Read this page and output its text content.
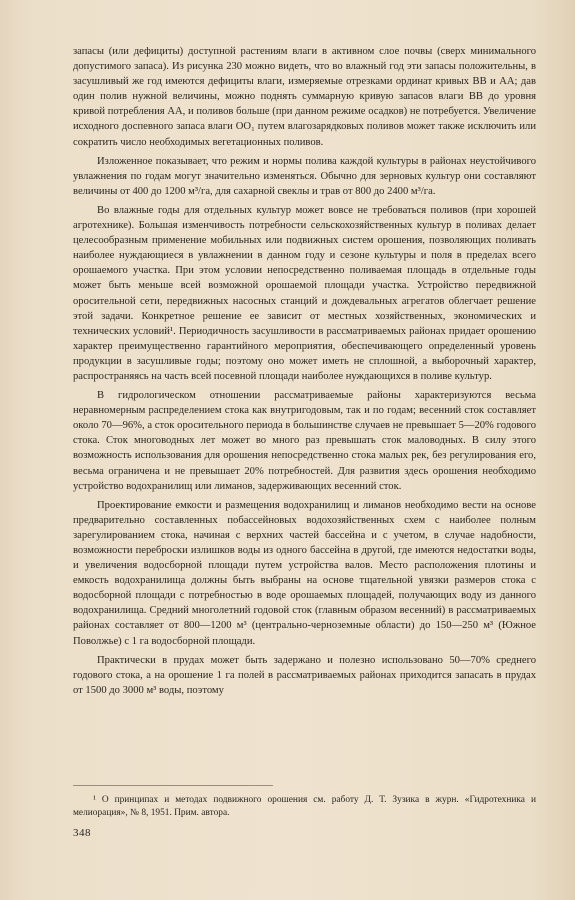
запасы (или дефициты) доступной растениям влаги в активном слое почвы (сверх минимального допустимого запаса). Из рисунка 230 можно видеть, что во влажный год эти запасы положительны, в засушливый же год имеются дефициты влаги, измеряемые отрезками ординат кривых BB и AA; дав один полив нужной величины, можно поднять суммарную кривую запасов влаги BB до уровня кривой потребления AA, и поливов больше (при данном режиме осадков) не потребуется. Увеличение исходного доспевного запаса влаги OO₁ путем влагозарядковых поливов может также исключить или сократить число необходимых вегетационных поливов.

Изложенное показывает, что режим и нормы полива каждой культуры в районах неустойчивого увлажнения по годам могут значительно изменяться. Обычно для зерновых культур они составляют величины от 400 до 1200 м³/га, для сахарной свеклы и трав от 800 до 2400 м³/га.

Во влажные годы для отдельных культур может вовсе не требоваться поливов (при хорошей агротехнике). Большая изменчивость потребности сельскохозяйственных культур в поливах делает целесообразным применение мобильных или подвижных систем орошения, позволяющих поливать наиболее нуждающиеся в увлажнении в данном году и сезоне культуры и поля в пределах всего орошаемого участка. При этом условии непосредственно поливаемая площадь в отдельные годы может быть меньше всей возможной орошаемой площади участка. Устройство передвижной оросительной сети, передвижных насосных станций и дождевальных агрегатов облегчает решение этой задачи. Конкретное решение ее зависит от местных хозяйственных, экономических и технических условий¹. Периодичность засушливости в рассматриваемых районах придает орошению характер преимущественно гарантийного мероприятия, обеспечивающего определенный уровень продукции в засушливые годы; поэтому оно может иметь не сплошной, а выборочный характер, распространяясь на часть всей посевной площади наиболее нуждающихся в поливе культур.

В гидрологическом отношении рассматриваемые районы характеризуются весьма неравномерным распределением стока как внутригодовым, так и по годам; весенний сток составляет около 70—96%, а сток оросительного периода в большинстве случаев не превышает 5—20% годового стока. Сток многоводных лет может во много раз превышать сток маловодных. В силу этого возможность использования для орошения непосредственно стока малых рек, без регулирования его, весьма ограничена и не превышает 20% потребностей. Для развития здесь орошения необходимо устройство водохранилищ или лиманов, задерживающих весенний сток.

Проектирование емкости и размещения водохранилищ и лиманов необходимо вести на основе предварительно составленных побассейновых водохозяйственных схем с наиболее полным зарегулированием стока, начиная с верхних частей бассейна и с учетом, в случае надобности, возможности переброски излишков воды из одного бассейна в другой, где имеются недостатки воды, и увеличения водосборной площади путем устройства валов. Место расположения плотины и емкость водохранилища должны быть выбраны на основе тщательной увязки размеров стока с водосборной площади с потребностью в воде орошаемых площадей, получающих воду из данного водохранилища. Средний многолетний годовой сток (главным образом весенний) в рассматриваемых районах составляет от 800—1200 м³ (центрально-черноземные области) до 150—250 м³ (Южное Поволжье) с 1 га водосборной площади.

Практически в прудах может быть задержано и полезно использовано 50—70% среднего годового стока, а на орошение 1 га полей в рассматриваемых районах приходится запасать в прудах от 1500 до 3000 м³ воды, поэтому

¹ О принципах и методах подвижного орошения см. работу Д. Т. Зузика в журн. «Гидротехника и мелиорация», № 8, 1951. Прим. автора.
348
